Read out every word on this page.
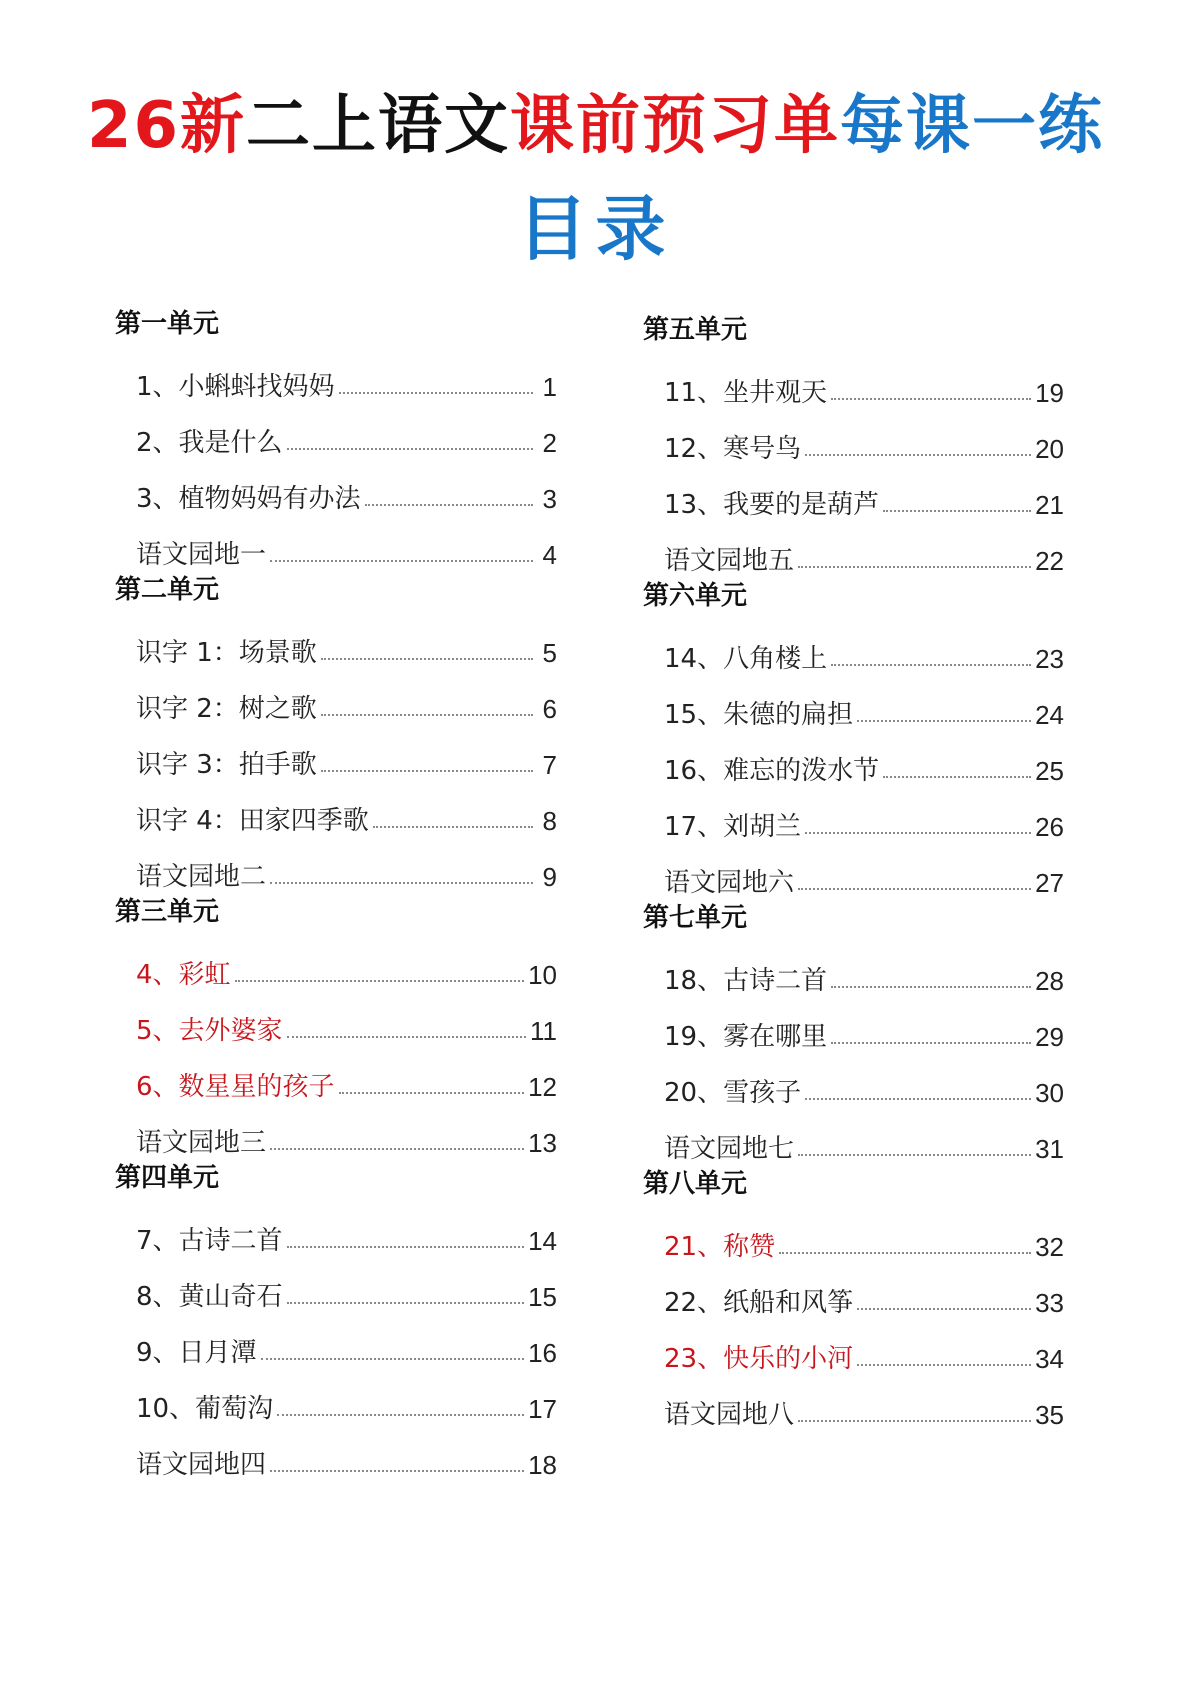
26新二上语文课前预习单每课一练
目录
第一单元
1、小蝌蚪找妈妈	1
2、我是什么	2
3、植物妈妈有办法	3
语文园地一	4
第二单元
识字 1：场景歌	5
识字 2：树之歌	6
识字 3：拍手歌	7
识字 4：田家四季歌	8
语文园地二	9
第三单元
4、彩虹	10
5、去外婆家	11
6、数星星的孩子	12
语文园地三	13
第四单元
7、古诗二首	14
8、黄山奇石	15
9、日月潭	16
10、葡萄沟	17
语文园地四	18
第五单元
11、坐井观天	19
12、寒号鸟	20
13、我要的是葫芦	21
语文园地五	22
第六单元
14、八角楼上	23
15、朱德的扁担	24
16、难忘的泼水节	25
17、刘胡兰	26
语文园地六	27
第七单元
18、古诗二首	28
19、雾在哪里	29
20、雪孩子	30
语文园地七	31
第八单元
21、称赞	32
22、纸船和风筝	33
23、快乐的小河	34
语文园地八	35
